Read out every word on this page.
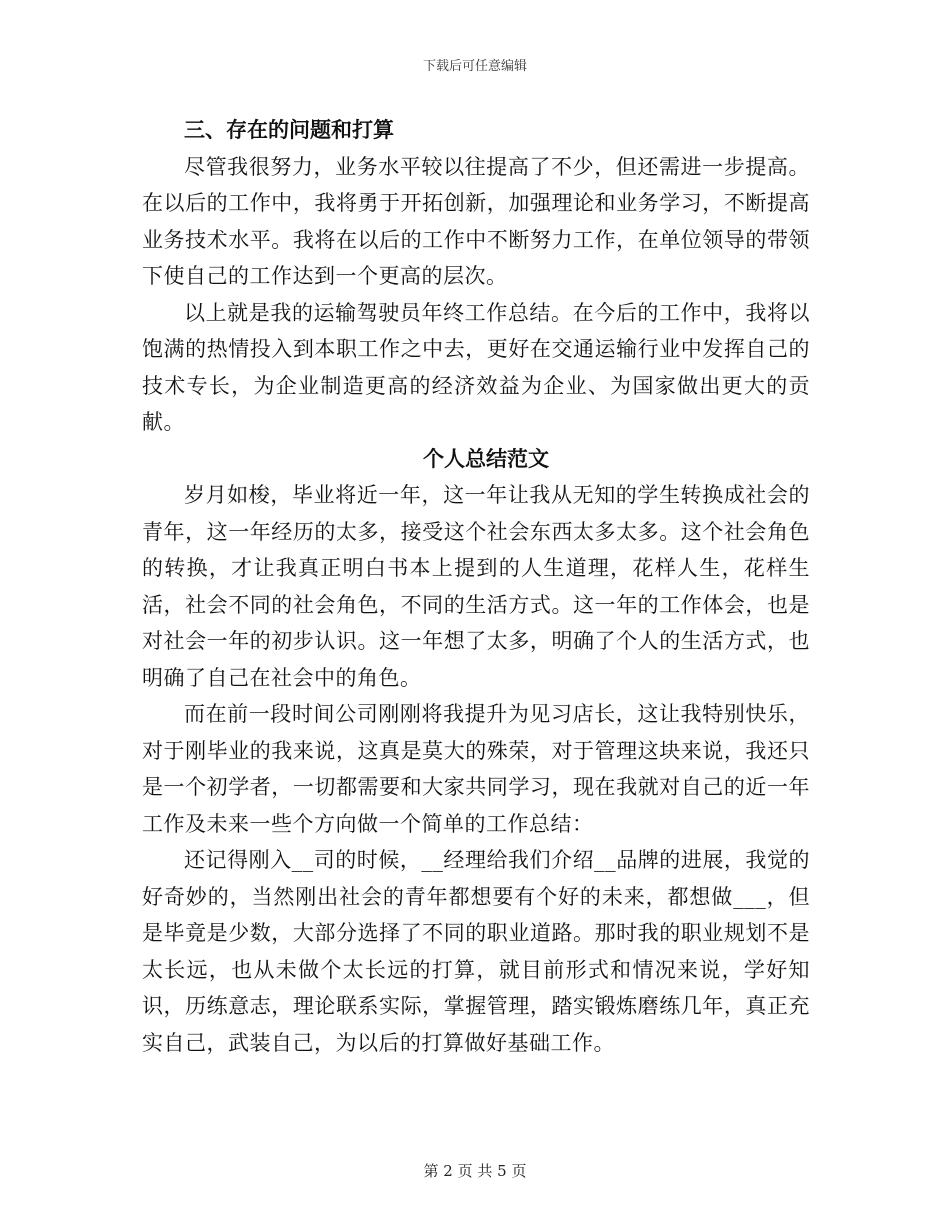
下载后可任意编辑

三、存在的问题和打算

尽管我很努力，业务水平较以往提高了不少，但还需进一步提高。在以后的工作中，我将勇于开拓创新，加强理论和业务学习，不断提高业务技术水平。我将在以后的工作中不断努力工作，在单位领导的带领下使自己的工作达到一个更高的层次。

以上就是我的运输驾驶员年终工作总结。在今后的工作中，我将以饱满的热情投入到本职工作之中去，更好在交通运输行业中发挥自己的技术专长，为企业制造更高的经济效益为企业、为国家做出更大的贡献。

个人总结范文

岁月如梭，毕业将近一年，这一年让我从无知的学生转换成社会的青年，这一年经历的太多，接受这个社会东西太多太多。这个社会角色的转换，才让我真正明白书本上提到的人生道理，花样人生，花样生活，社会不同的社会角色，不同的生活方式。这一年的工作体会，也是对社会一年的初步认识。这一年想了太多，明确了个人的生活方式，也明确了自己在社会中的角色。

而在前一段时间公司刚刚将我提升为见习店长，这让我特别快乐，对于刚毕业的我来说，这真是莫大的殊荣，对于管理这块来说，我还只是一个初学者，一切都需要和大家共同学习，现在我就对自己的近一年工作及未来一些个方向做一个简单的工作总结：

还记得刚入__司的时候，__经理给我们介绍__品牌的进展，我觉的好奇妙的，当然刚出社会的青年都想要有个好的未来，都想做___，但是毕竟是少数，大部分选择了不同的职业道路。那时我的职业规划不是太长远，也从未做个太长远的打算，就目前形式和情况来说，学好知识，历练意志，理论联系实际，掌握管理，踏实锻炼磨练几年，真正充实自己，武装自己，为以后的打算做好基础工作。

第 2 页 共 5 页
